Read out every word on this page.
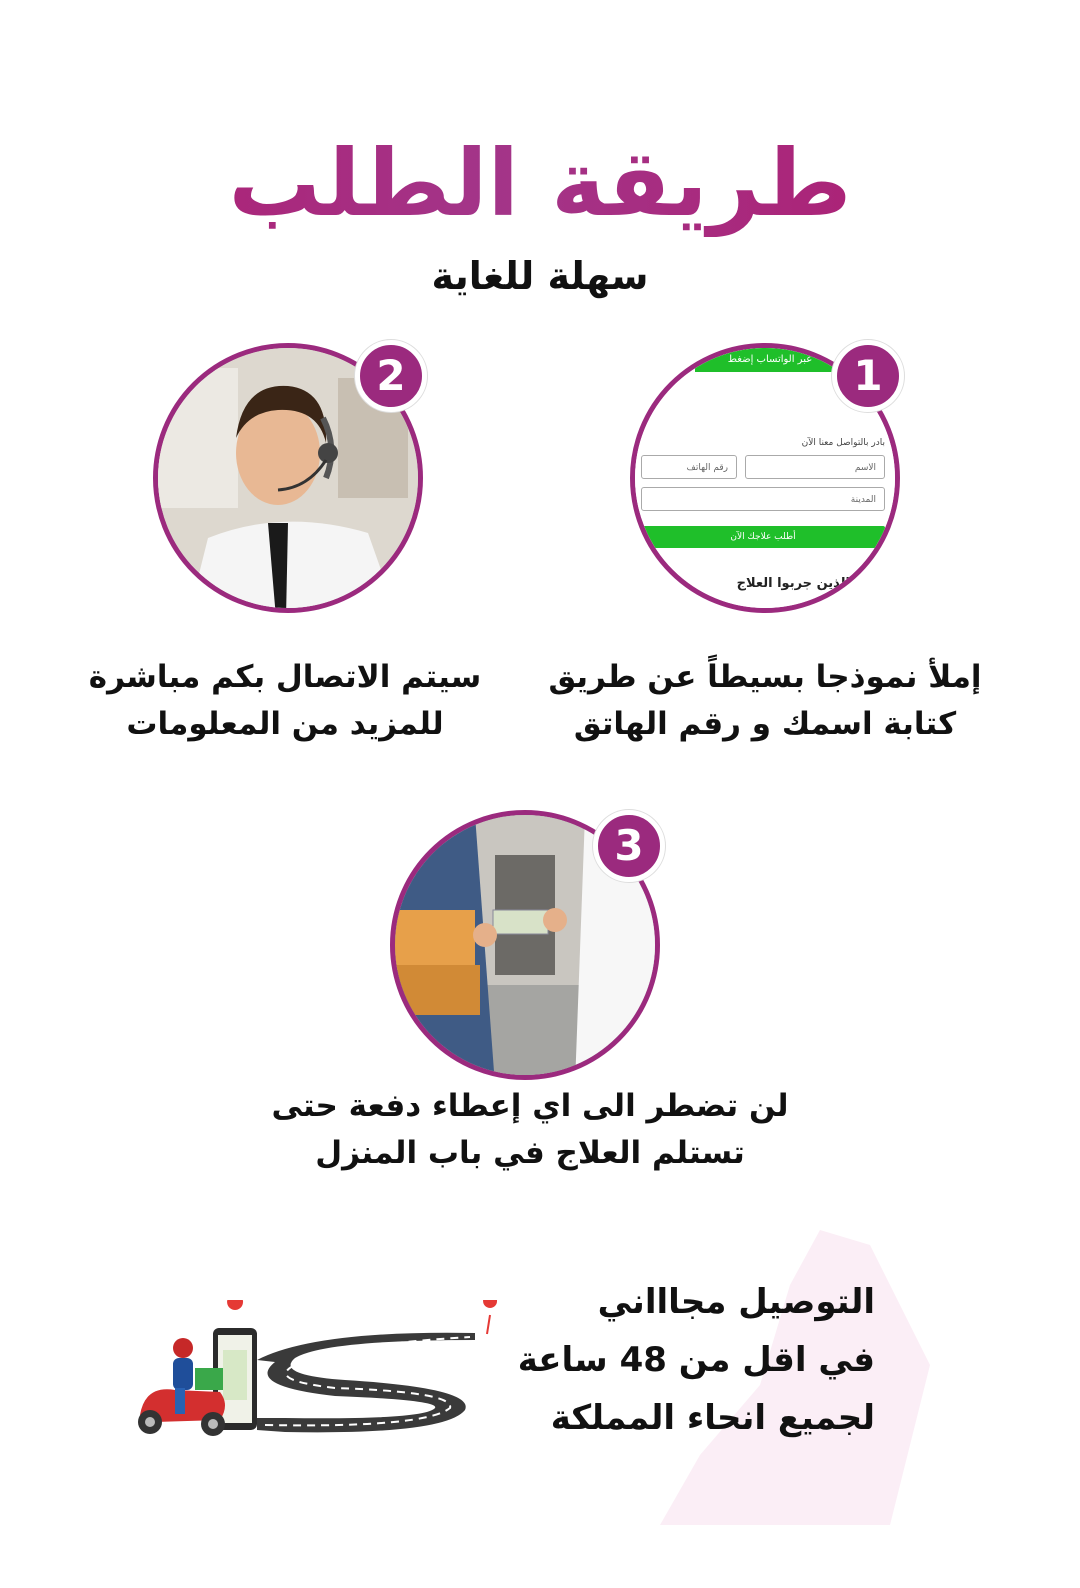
طريقة الطلب
سهلة للغاية
عبر الواتساب إضغط
بادر بالتواصل معنا الآن
الاسم
رقم الهاتف
المدينة
أطلب علاجك الآن
الذين جربوا العلاج
1
إملأ نموذجا بسيطاً عن طريق
كتابة اسمك و رقم الهاتق
2
سيتم الاتصال بكم مباشرة
للمزيد من المعلومات
3
لن تضطر الى اي إعطاء دفعة حتى
تستلم العلاج في باب المنزل
التوصيل مجاااني
في اقل من 48 ساعة
لجميع انحاء المملكة
